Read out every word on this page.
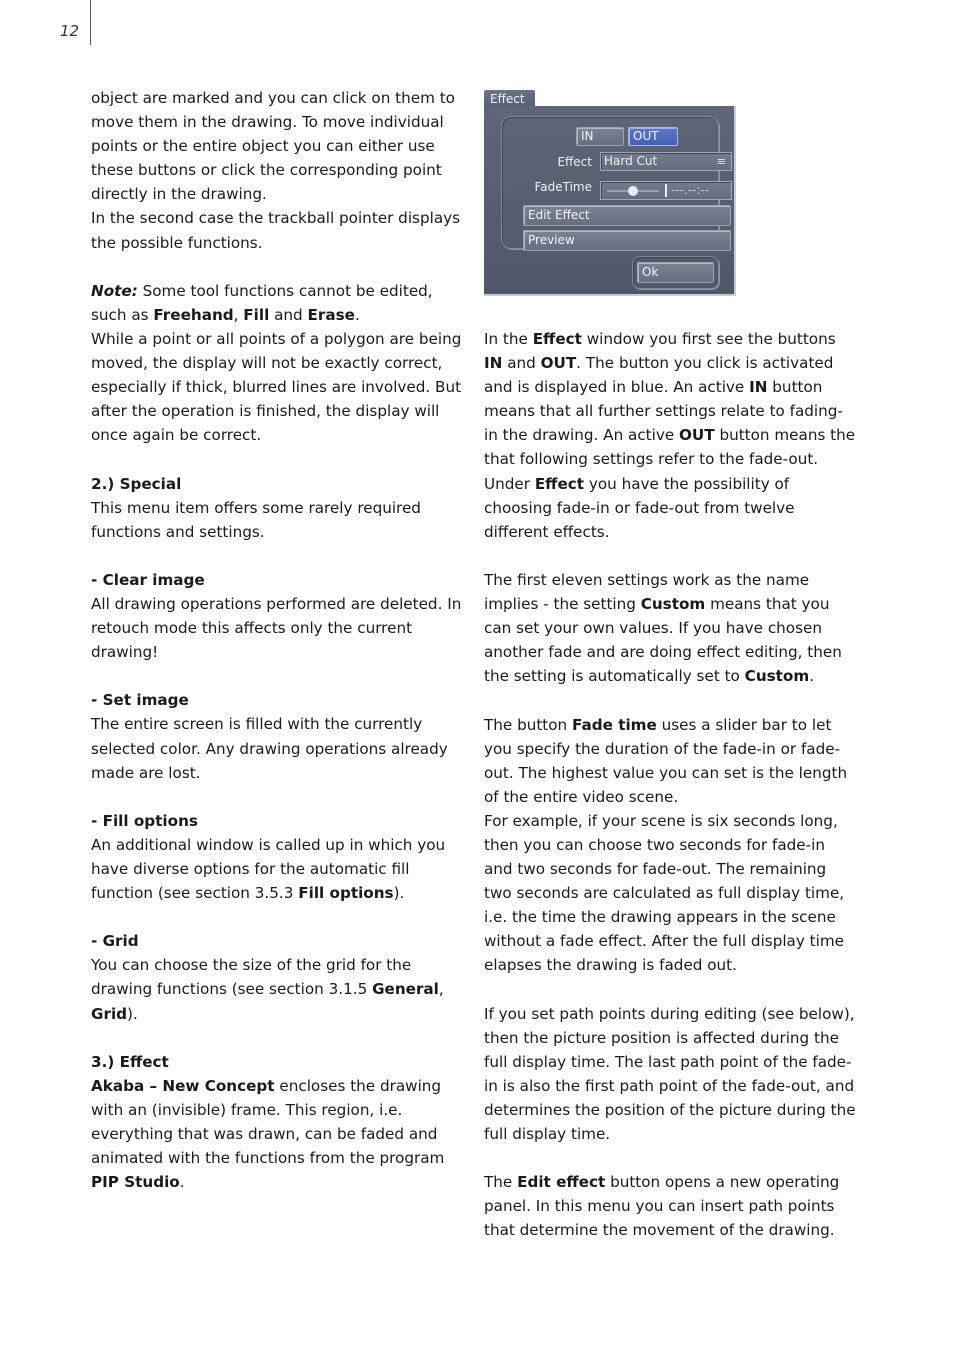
12

object are marked and you can click on them to move them in the drawing. To move individual points or the entire object you can either use these buttons or click the corresponding point directly in the drawing.

In the second case the trackball pointer displays the possible functions.

Note: Some tool functions cannot be edited, such as Freehand, Fill and Erase.

While a point or all points of a polygon are being moved, the display will not be exactly correct, especially if thick, blurred lines are involved. But after the operation is finished, the display will once again be correct.

2.) Special

This menu item offers some rarely required functions and settings.

- Clear image

All drawing operations performed are deleted. In retouch mode this affects only the current drawing!

- Set image

The entire screen is filled with the currently selected color. Any drawing operations already made are lost.

- Fill options

An additional window is called up in which you have diverse options for the automatic fill function (see section 3.5.3 Fill options).

- Grid

You can choose the size of the grid for the drawing functions (see section 3.1.5 General, Grid).

3.) Effect

Akaba – New Concept encloses the drawing with an (invisible) frame. This region, i.e. everything that was drawn, can be faded and animated with the functions from the program PIP Studio.

Effect
IN	OUT
Effect	Hard Cut	≡
FadeTime	---.--:--
Edit Effect
Preview
Ok

In the Effect window you first see the buttons IN and OUT. The button you click is activated and is displayed in blue. An active IN button means that all further settings relate to fading-in the drawing. An active OUT button means the that following settings refer to the fade-out.

Under Effect you have the possibility of choosing fade-in or fade-out from twelve different effects.

The first eleven settings work as the name implies - the setting Custom means that you can set your own values. If you have chosen another fade and are doing effect editing, then the setting is automatically set to Custom.

The button Fade time uses a slider bar to let you specify the duration of the fade-in or fade-out. The highest value you can set is the length of the entire video scene.

For example, if your scene is six seconds long, then you can choose two seconds for fade-in and two seconds for fade-out. The remaining two seconds are calculated as full display time, i.e. the time the drawing appears in the scene without a fade effect. After the full display time elapses the drawing is faded out.

If you set path points during editing (see below), then the picture position is affected during the full display time. The last path point of the fade-in is also the first path point of the fade-out, and determines the position of the picture during the full display time.

The Edit effect button opens a new operating panel. In this menu you can insert path points that determine the movement of the drawing.
